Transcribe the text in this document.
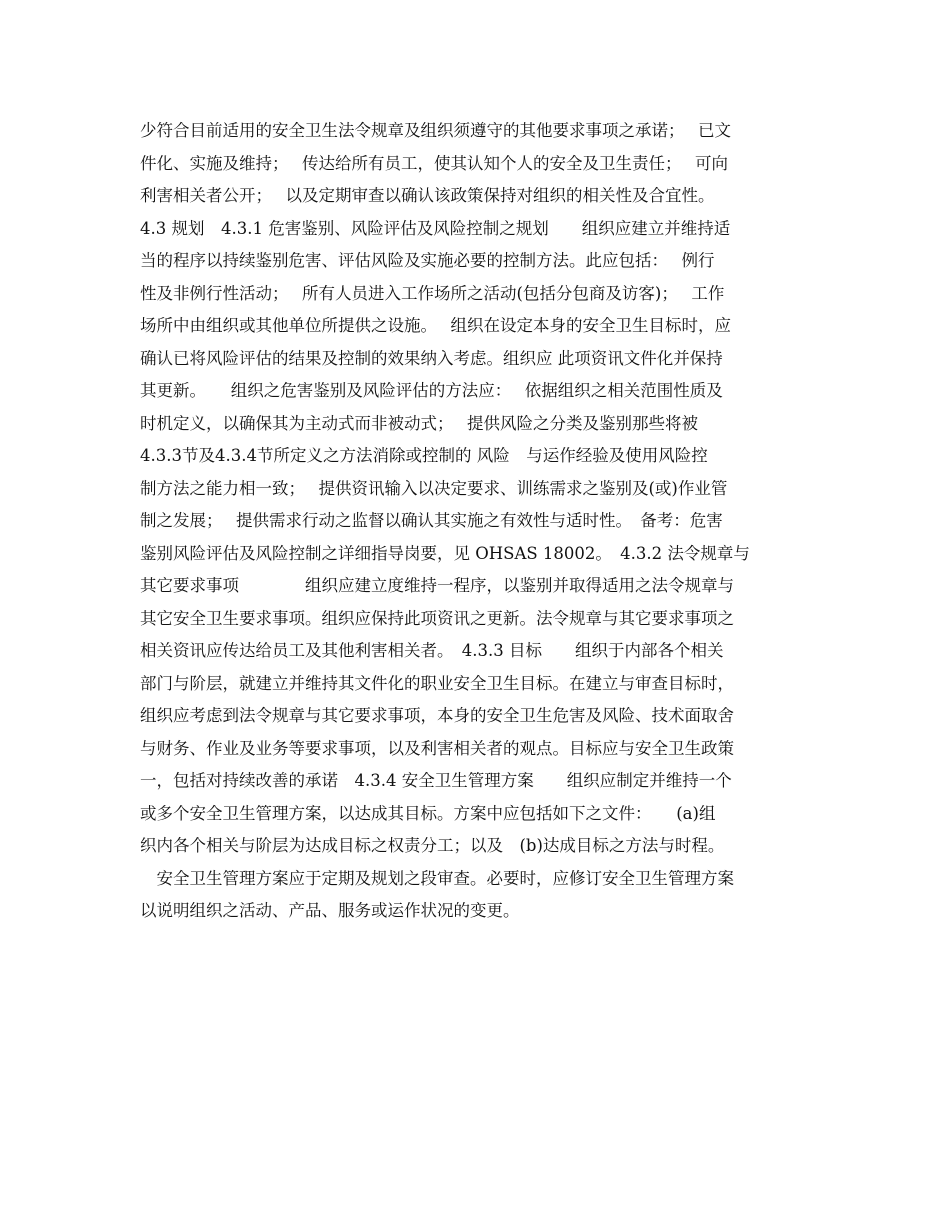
少符合目前适用的安全卫生法令规章及组织须遵守的其他要求事项之承诺；　 已文
件化、实施及维持；　 传达给所有员工，使其认知个人的安全及卫生责任；　 可向
利害相关者公开；　 以及定期审查以确认该政策保持对组织的相关性及合宜性。
4.3 规划　4.3.1 危害鉴别、风险评估及风险控制之规划　　组织应建立并维持适
当的程序以持续鉴别危害、评估风险及实施必要的控制方法。此应包括：　 例行
性及非例行性活动；　 所有人员进入工作场所之活动(包括分包商及访客)；　 工作
场所中由组织或其他单位所提供之设施。　 组织在设定本身的安全卫生目标时，应
确认已将风险评估的结果及控制的效果纳入考虑。组织应 此项资讯文件化并保持
其更新。　　组织之危害鉴别及风险评估的方法应：　 依据组织之相关范围性质及
时机定义，以确保其为主动式而非被动式；　 提供风险之分类及鉴别那些将被
4.3.3节及4.3.4节所定义之方法消除或控制的 风险　与运作经验及使用风险控
制方法之能力相一致；　 提供资讯输入以决定要求、训练需求之鉴别及(或)作业管
制之发展；　 提供需求行动之监督以确认其实施之有效性与适时性。　备考：危害
鉴别风险评估及风险控制之详细指导岗要，见 OHSAS 18002。　4.3.2 法令规章与
其它要求事项　　　　组织应建立度维持一程序，以鉴别并取得适用之法令规章与
其它安全卫生要求事项。组织应保持此项资讯之更新。法令规章与其它要求事项之
相关资讯应传达给员工及其他利害相关者。　4.3.3 目标　　组织于内部各个相关
部门与阶层，就建立并维持其文件化的职业安全卫生目标。在建立与审查目标时，
组织应考虑到法令规章与其它要求事项，本身的安全卫生危害及风险、技术面取舍
与财务、作业及业务等要求事项，以及利害相关者的观点。目标应与安全卫生政策
一，包括对持续改善的承诺　4.3.4 安全卫生管理方案　　组织应制定并维持一个
或多个安全卫生管理方案，以达成其目标。方案中应包括如下之文件：　　(a)组
织内各个相关与阶层为达成目标之权责分工；以及　(b)达成目标之方法与时程。
　安全卫生管理方案应于定期及规划之段审查。必要时，应修订安全卫生管理方案
以说明组织之活动、产品、服务或运作状况的变更。
